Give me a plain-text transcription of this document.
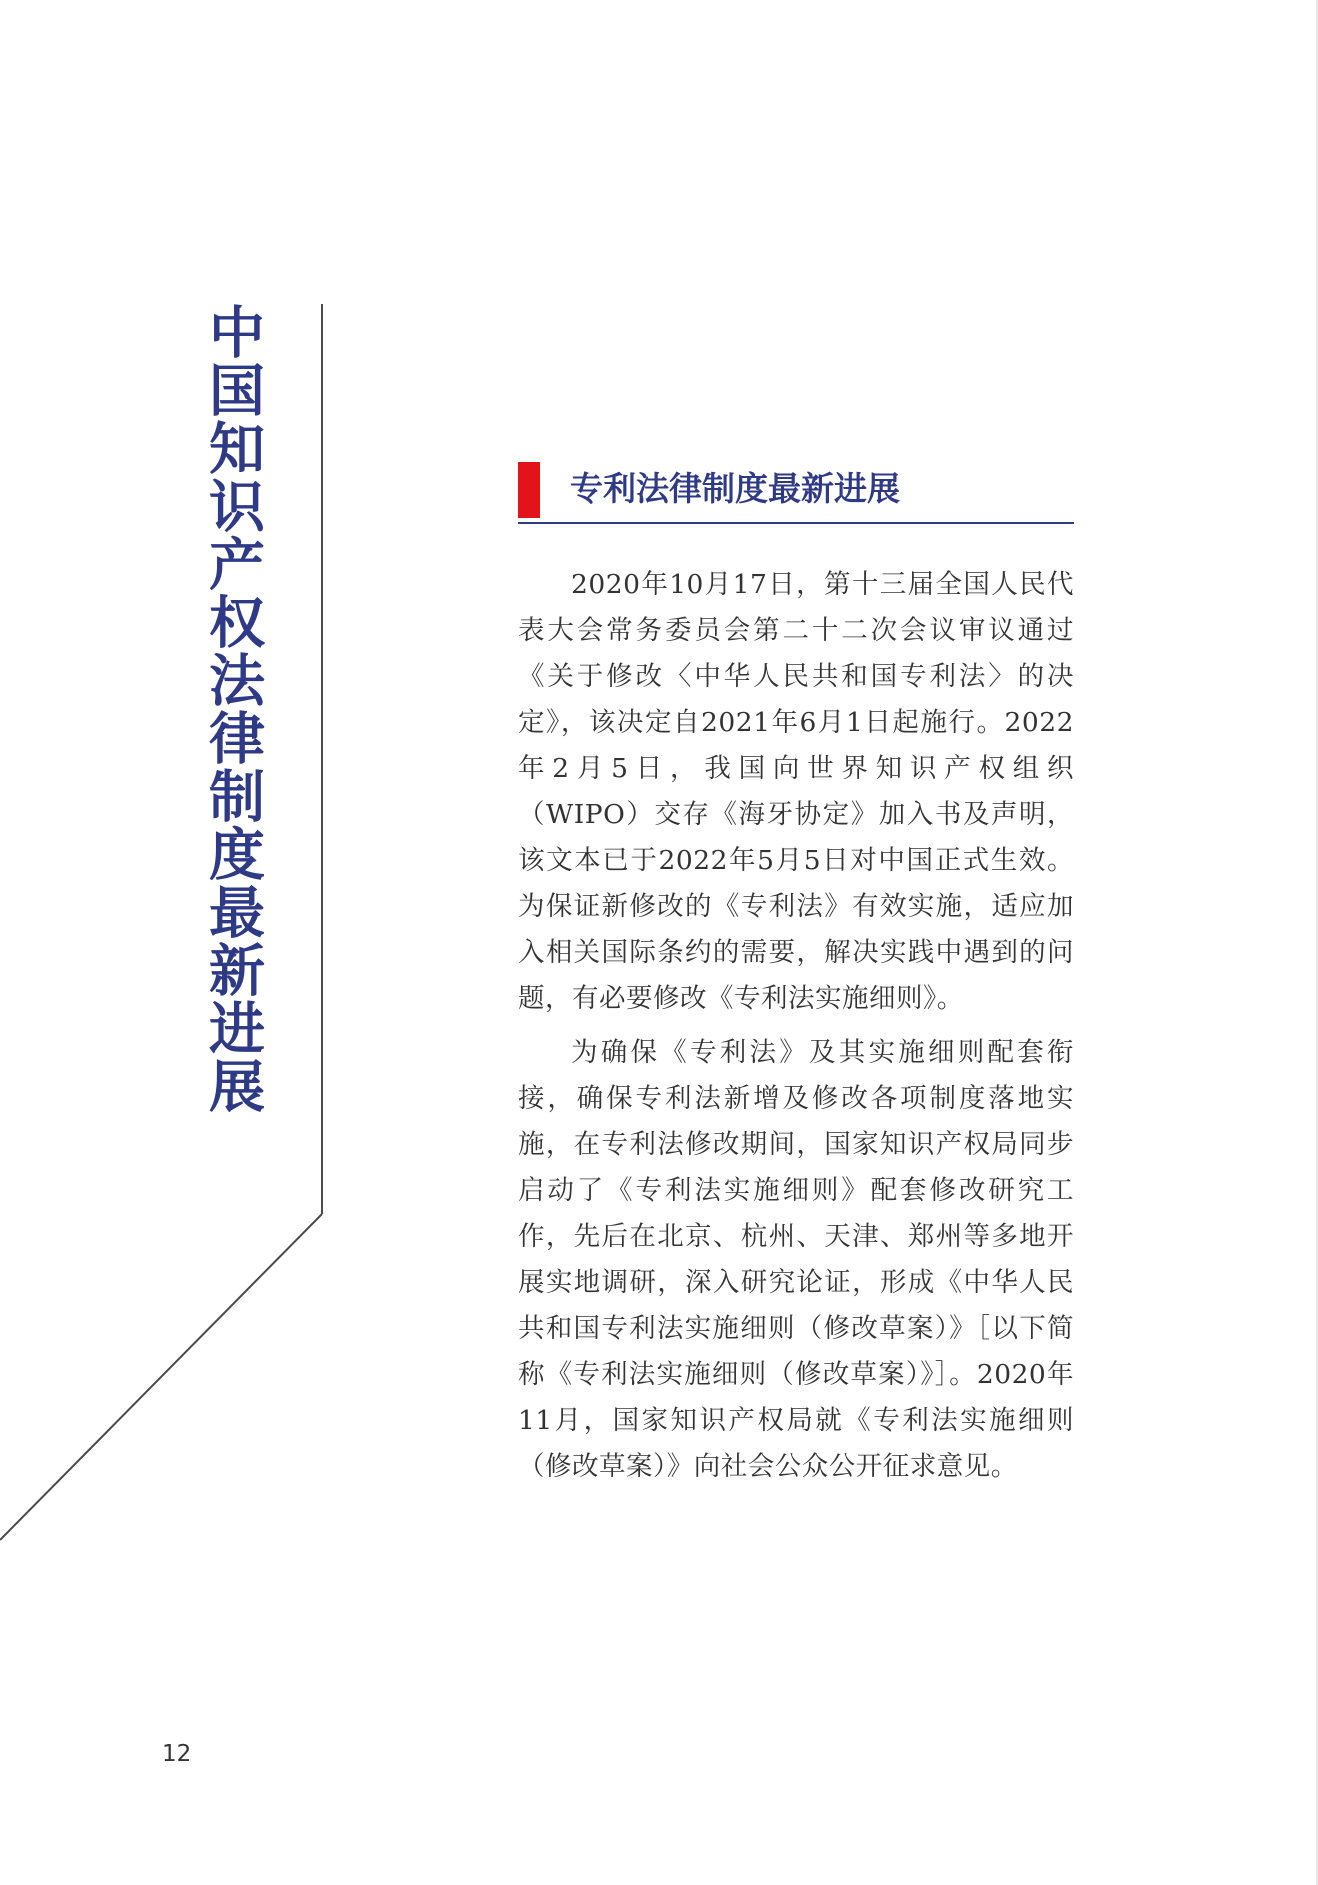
中国知识产权法律制度最新进展	专利法律制度最新进展

2020年10月17日，第十三届全国人民代表大会常务委员会第二十二次会议审议通过《关于修改〈中华人民共和国专利法〉的决定》，该决定自2021年6月1日起施行。2022年2月5日，我国向世界知识产权组织（WIPO）交存《海牙协定》加入书及声明，该文本已于2022年5月5日对中国正式生效。为保证新修改的《专利法》有效实施，适应加入相关国际条约的需要，解决实践中遇到的问题，有必要修改《专利法实施细则》。

为确保《专利法》及其实施细则配套衔接，确保专利法新增及修改各项制度落地实施，在专利法修改期间，国家知识产权局同步启动了《专利法实施细则》配套修改研究工作，先后在北京、杭州、天津、郑州等多地开展实地调研，深入研究论证，形成《中华人民共和国专利法实施细则（修改草案）》［以下简称《专利法实施细则（修改草案）》］。2020年11月，国家知识产权局就《专利法实施细则（修改草案）》向社会公众公开征求意见。

12
